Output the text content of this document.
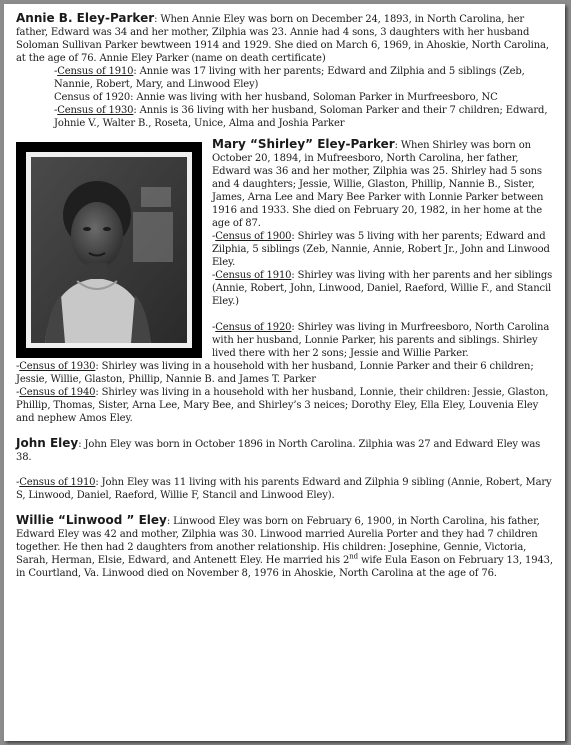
Annie B. Eley-Parker: When Annie Eley was born on December 24, 1893, in North Carolina, her father, Edward was 34 and her mother, Zilphia was 23. Annie had 4 sons, 3 daughters with her husband Soloman Sullivan Parker bewtween 1914 and 1929. She died on March 6, 1969, in Ahoskie, North Carolina, at the age of 76. Annie Eley Parker (name on death certificate)

-Census of 1910: Annie was 17 living with her parents; Edward and Zilphia and 5 siblings (Zeb, Nannie, Robert, Mary, and Linwood Eley)

Census of 1920: Annie was living with her husband, Soloman Parker in Murfreesboro, NC

-Census of 1930: Annis is 36 living with her husband, Soloman Parker and their 7 children; Edward, Johnie V., Walter B., Roseta, Unice, Alma and Joshia Parker

Mary “Shirley” Eley-Parker: When Shirley was born on October 20, 1894, in Mufreesboro, North Carolina, her father, Edward was 36 and her mother, Zilphia was 25. Shirley had 5 sons and 4 daughters; Jessie, Willie, Glaston, Phillip, Nannie B., Sister, James, Arna Lee and Mary Bee Parker with Lonnie Parker between 1916 and 1933. She died on February 20, 1982, in her home at the age of 87.

-Census of 1900: Shirley was 5 living with her parents; Edward and Zilphia, 5 siblings (Zeb, Nannie, Annie, Robert Jr., John and Linwood Eley.

-Census of 1910: Shirley was living with her parents and her siblings (Annie, Robert, John, Linwood, Daniel, Raeford, Willie F., and Stancil Eley.)

-Census of 1920: Shirley was living in Murfreesboro, North Carolina with her husband, Lonnie Parker, his parents and siblings. Shirley lived there with her 2 sons; Jessie and Willie Parker.

-Census of 1930: Shirley was living in a household with her husband, Lonnie Parker and their 6 children; Jessie, Willie, Glaston, Phillip, Nannie B. and James T. Parker

-Census of 1940: Shirley was living in a household with her husband, Lonnie, their children: Jessie, Glaston, Phillip, Thomas, Sister, Arna Lee, Mary Bee, and Shirley’s 3 neices; Dorothy Eley, Ella Eley, Louvenia Eley and nephew Amos Eley.

John Eley: John Eley was born in October 1896 in North Carolina. Zilphia was 27 and Edward Eley was 38.

-Census of 1910: John Eley was 11 living with his parents Edward and Zilphia 9 sibling (Annie, Robert, Mary S, Linwood, Daniel, Raeford, Willie F, Stancil and Linwood Eley).

Willie “Linwood ” Eley: Linwood Eley was born on February 6, 1900, in North Carolina, his father, Edward Eley was 42 and mother, Zilphia was 30. Linwood married Aurelia Porter and they had 7 children together. He then had 2 daughters from another relationship. His children: Josephine, Gennie, Victoria, Sarah, Herman, Elsie, Edward, and Antenett Eley. He married his 2nd wife Eula Eason on February 13, 1943, in Courtland, Va. Linwood died on November 8, 1976 in Ahoskie, North Carolina at the age of 76.
